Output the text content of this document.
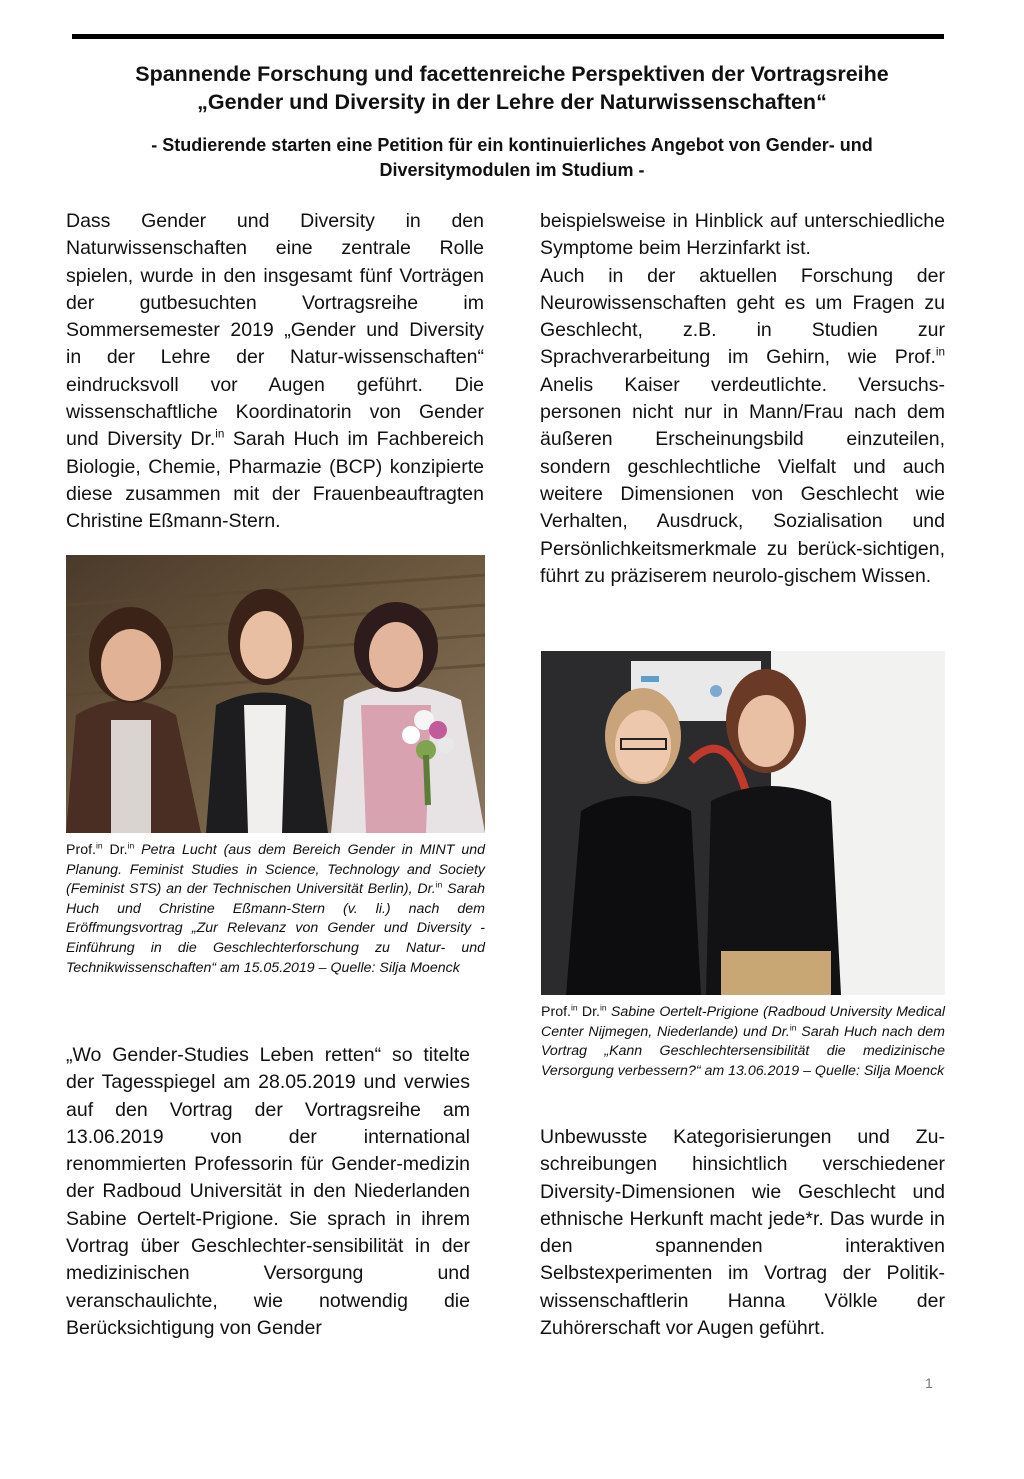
Spannende Forschung und facettenreiche Perspektiven der Vortragsreihe
„Gender und Diversity in der Lehre der Naturwissenschaften“
- Studierende starten eine Petition für ein kontinuierliches Angebot von Gender- und
Diversitymodulen im Studium -

Dass Gender und Diversity in den Naturwissenschaften eine zentrale Rolle spielen, wurde in den insgesamt fünf Vorträgen der gutbesuchten Vortragsreihe im Sommersemester 2019 „Gender und Diversity in der Lehre der Natur-wissenschaften“ eindrucksvoll vor Augen geführt. Die wissenschaftliche Koordinatorin von Gender und Diversity Dr.$^{in}$ Sarah Huch im Fachbereich Biologie, Chemie, Pharmazie (BCP) konzipierte diese zusammen mit der Frauenbeauftragten Christine Eßmann-Stern.

Prof.$^{in}$ Dr.$^{in}$ Petra Lucht (aus dem Bereich Gender in MINT und Planung. Feminist Studies in Science, Technology and Society (Feminist STS) an der Technischen Universität Berlin), Dr.$^{in}$ Sarah Huch und Christine Eßmann-Stern (v. li.) nach dem Eröffmungsvortrag „Zur Relevanz von Gender und Diversity - Einführung in die Geschlechterforschung zu Natur- und Technikwissenschaften“ am 15.05.2019 – Quelle: Silja Moenck

„Wo Gender-Studies Leben retten“ so titelte der Tagesspiegel am 28.05.2019 und verwies auf den Vortrag der Vortragsreihe am 13.06.2019 von der international renommierten Professorin für Gender-medizin der Radboud Universität in den Niederlanden Sabine Oertelt-Prigione. Sie sprach in ihrem Vortrag über Geschlechter-sensibilität in der medizinischen Versorgung und veranschaulichte, wie notwendig die Berücksichtigung von Gender

beispielsweise in Hinblick auf unterschiedliche Symptome beim Herzinfarkt ist.
Auch in der aktuellen Forschung der Neurowissenschaften geht es um Fragen zu Geschlecht, z.B. in Studien zur Sprachverarbeitung im Gehirn, wie Prof.$^{in}$ Anelis Kaiser verdeutlichte. Versuchs-personen nicht nur in Mann/Frau nach dem äußeren Erscheinungsbild einzuteilen, sondern geschlechtliche Vielfalt und auch weitere Dimensionen von Geschlecht wie Verhalten, Ausdruck, Sozialisation und Persönlichkeitsmerkmale zu berück-sichtigen, führt zu präziserem neurolo-gischem Wissen.

Prof.$^{in}$ Dr.$^{in}$ Sabine Oertelt-Prigione (Radboud University Medical Center Nijmegen, Niederlande) und Dr.$^{in}$ Sarah Huch nach dem Vortrag „Kann Geschlechtersensibilität die medizinische Versorgung verbessern?“ am 13.06.2019 – Quelle: Silja Moenck

Unbewusste Kategorisierungen und Zu-schreibungen hinsichtlich verschiedener Diversity-Dimensionen wie Geschlecht und ethnische Herkunft macht jede*r. Das wurde in den spannenden interaktiven Selbstexperimenten im Vortrag der Politik-wissenschaftlerin Hanna Völkle der Zuhörerschaft vor Augen geführt.

1
